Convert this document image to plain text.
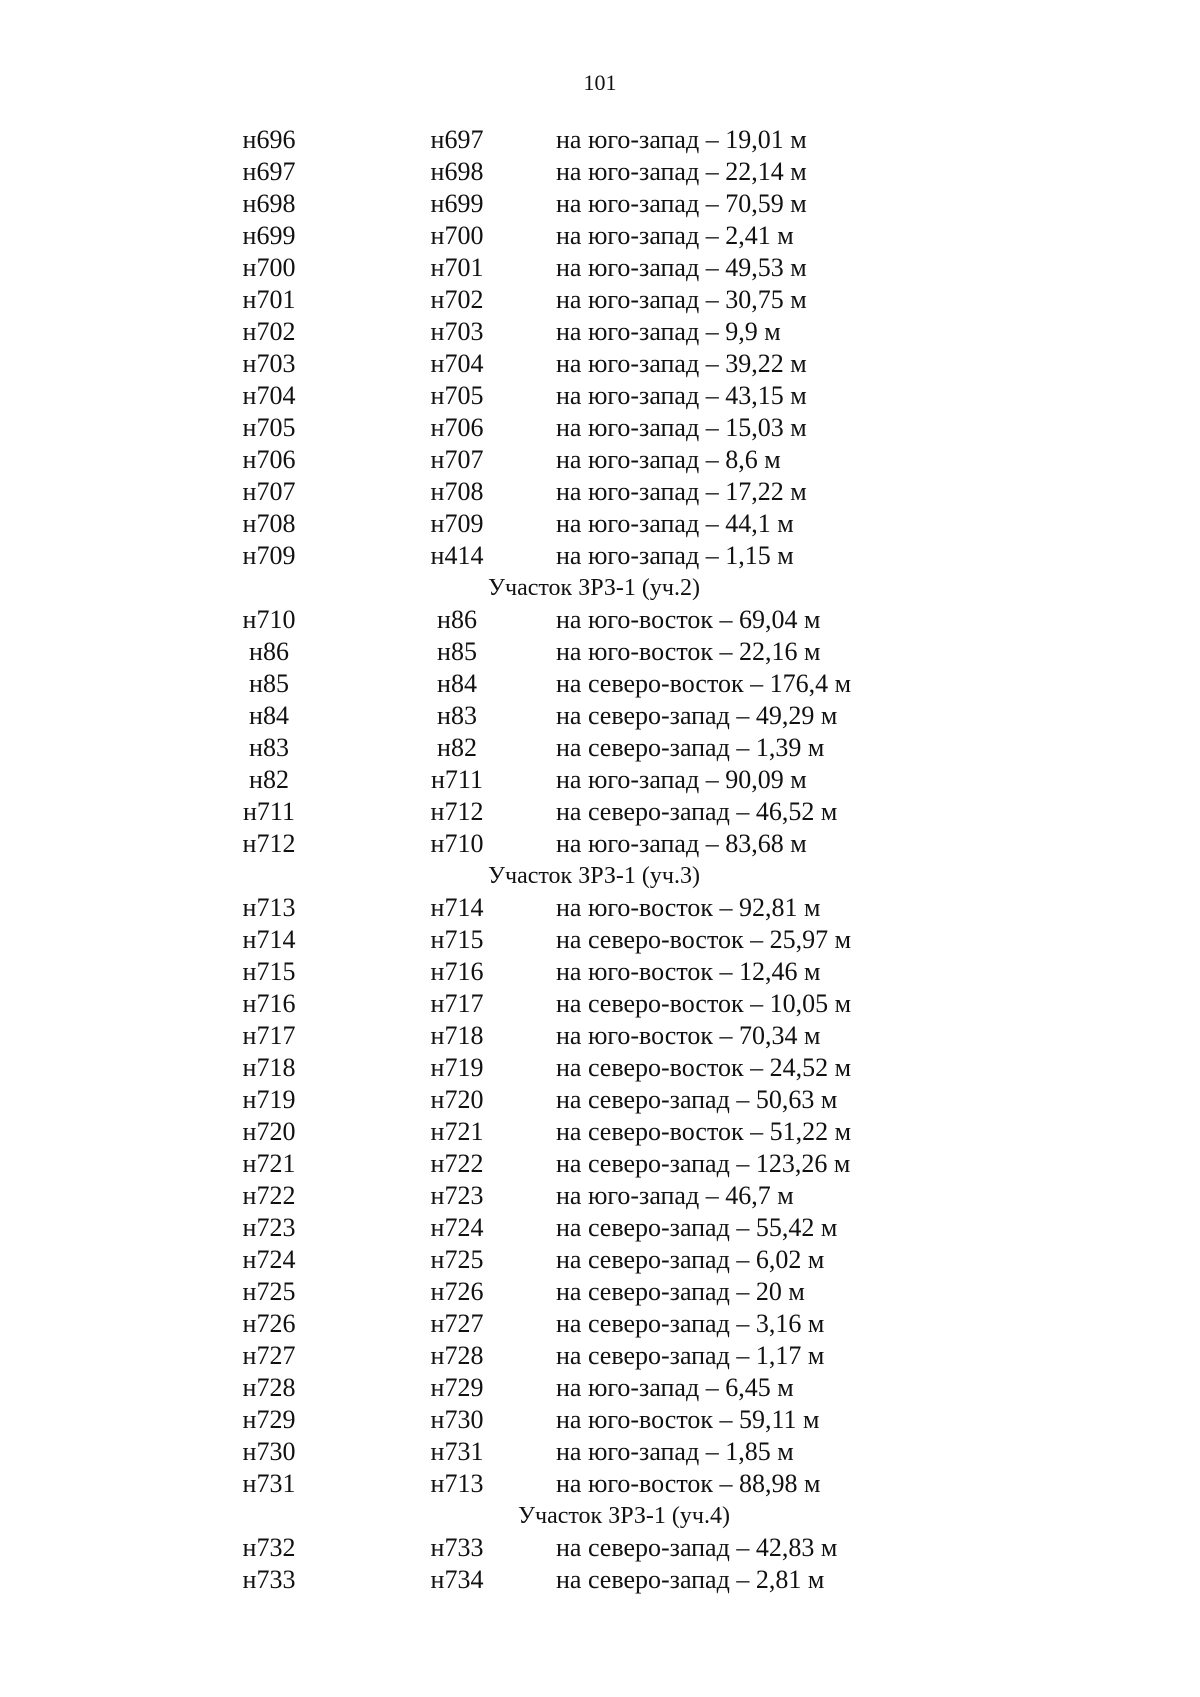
101
н696	н697	на юго-запад – 19,01 м
н697	н698	на юго-запад – 22,14 м
н698	н699	на юго-запад – 70,59 м
н699	н700	на юго-запад – 2,41 м
н700	н701	на юго-запад – 49,53 м
н701	н702	на юго-запад – 30,75 м
н702	н703	на юго-запад – 9,9 м
н703	н704	на юго-запад – 39,22 м
н704	н705	на юго-запад – 43,15 м
н705	н706	на юго-запад – 15,03 м
н706	н707	на юго-запад – 8,6 м
н707	н708	на юго-запад – 17,22 м
н708	н709	на юго-запад – 44,1 м
н709	н414	на юго-запад – 1,15 м
Участок ЗРЗ-1 (уч.2)
н710	н86	на юго-восток – 69,04 м
н86	н85	на юго-восток – 22,16 м
н85	н84	на северо-восток – 176,4 м
н84	н83	на северо-запад – 49,29 м
н83	н82	на северо-запад – 1,39 м
н82	н711	на юго-запад – 90,09 м
н711	н712	на северо-запад – 46,52 м
н712	н710	на юго-запад – 83,68 м
Участок ЗРЗ-1 (уч.3)
н713	н714	на юго-восток – 92,81 м
н714	н715	на северо-восток – 25,97 м
н715	н716	на юго-восток – 12,46 м
н716	н717	на северо-восток – 10,05 м
н717	н718	на юго-восток – 70,34 м
н718	н719	на северо-восток – 24,52 м
н719	н720	на северо-запад – 50,63 м
н720	н721	на северо-восток – 51,22 м
н721	н722	на северо-запад – 123,26 м
н722	н723	на юго-запад – 46,7 м
н723	н724	на северо-запад – 55,42 м
н724	н725	на северо-запад – 6,02 м
н725	н726	на северо-запад – 20 м
н726	н727	на северо-запад – 3,16 м
н727	н728	на северо-запад – 1,17 м
н728	н729	на юго-запад – 6,45 м
н729	н730	на юго-восток – 59,11 м
н730	н731	на юго-запад – 1,85 м
н731	н713	на юго-восток – 88,98 м
Участок ЗРЗ-1 (уч.4)
н732	н733	на северо-запад – 42,83 м
н733	н734	на северо-запад – 2,81 м
